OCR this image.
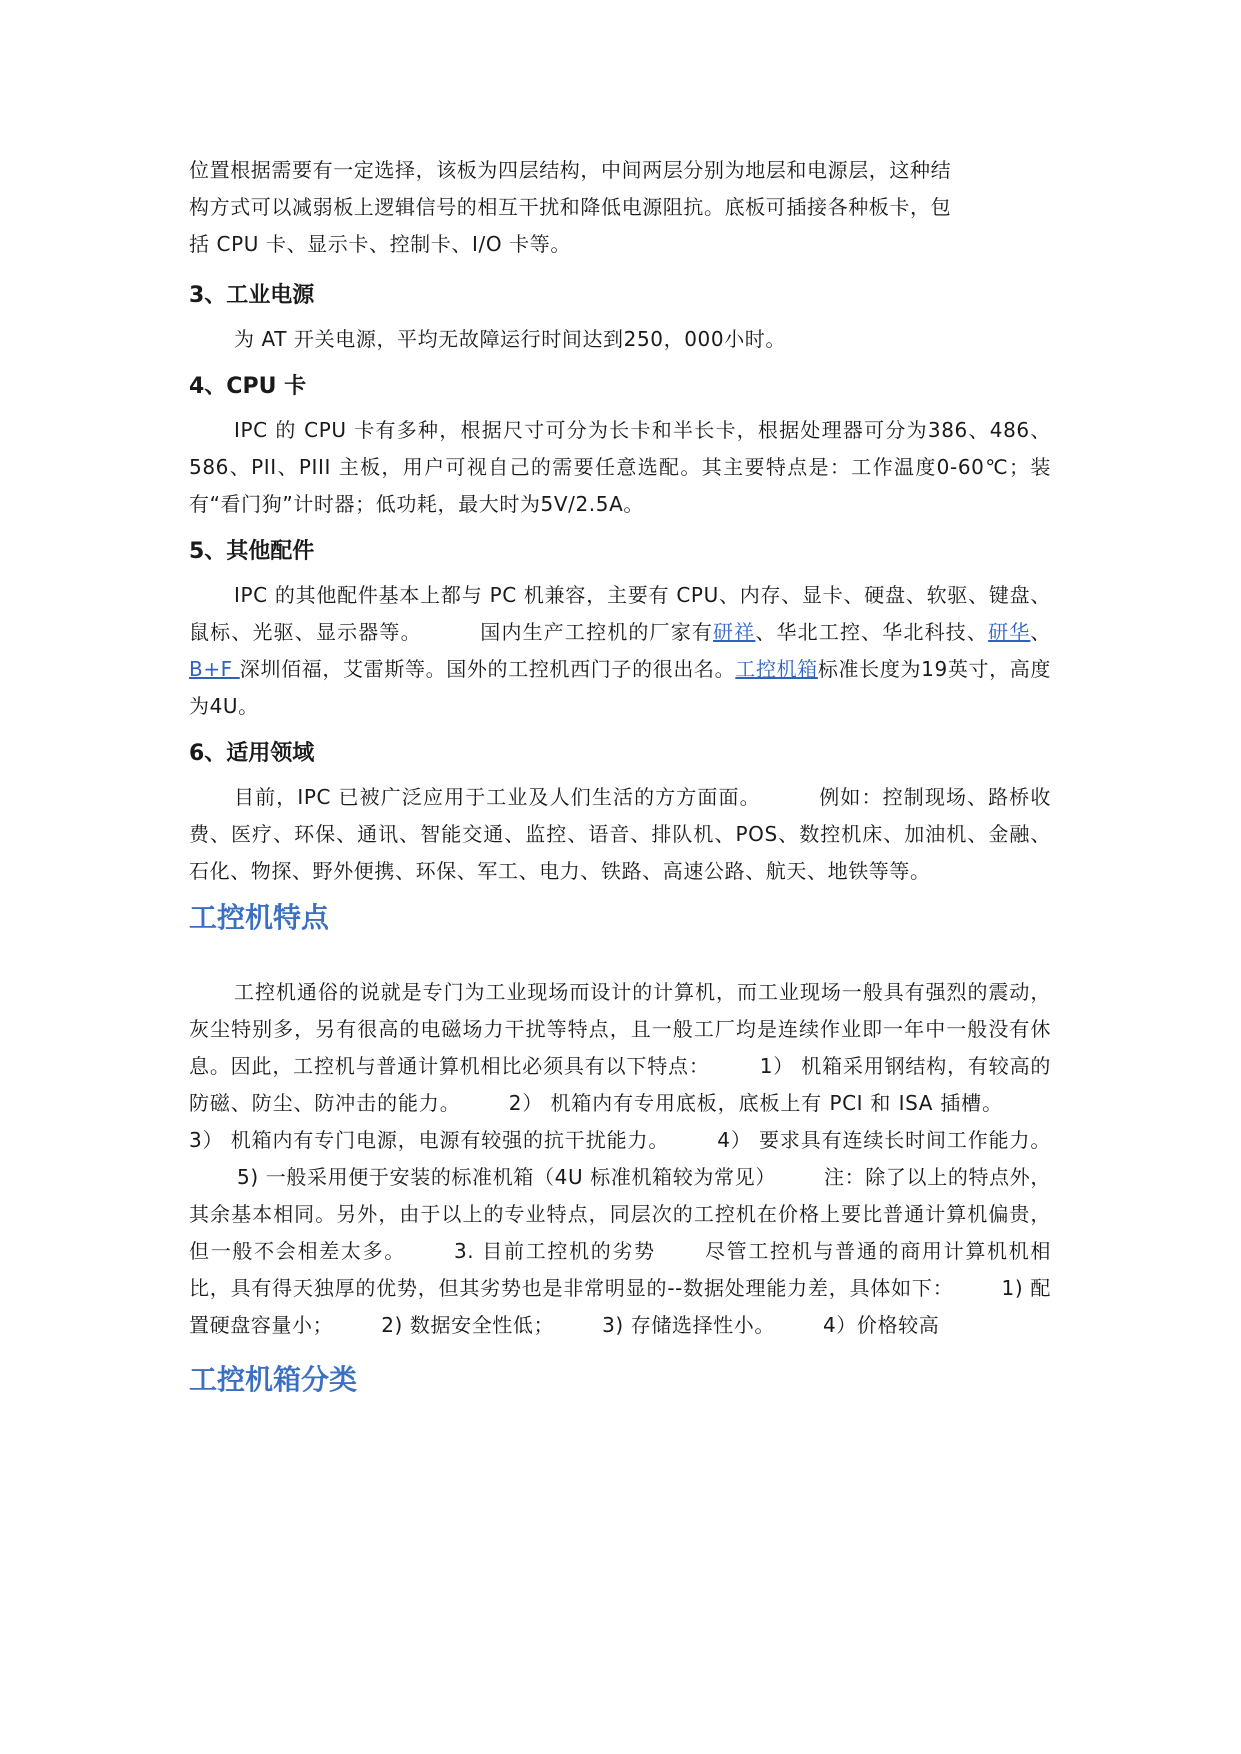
位置根据需要有一定选择，该板为四层结构，中间两层分别为地层和电源层，这种结
构方式可以减弱板上逻辑信号的相互干扰和降低电源阻抗。底板可插接各种板卡，包
括 CPU 卡、显示卡、控制卡、I/O 卡等。

3、工业电源

为 AT 开关电源，平均无故障运行时间达到250，000小时。

4、CPU 卡

IPC 的 CPU 卡有多种，根据尺寸可分为长卡和半长卡，根据处理器可分为386、486、586、PII、PIII 主板，用户可视自己的需要任意选配。其主要特点是：工作温度0-60℃；装有“看门狗”计时器；低功耗，最大时为5V/2.5A。

5、其他配件

IPC 的其他配件基本上都与 PC 机兼容，主要有 CPU、内存、显卡、硬盘、软驱、键盘、鼠标、光驱、显示器等。	国内生产工控机的厂家有研祥、华北工控、华北科技、研华、B+F 深圳佰福，艾雷斯等。国外的工控机西门子的很出名。工控机箱标准长度为19英寸，高度为4U。

6、适用领域

目前，IPC 已被广泛应用于工业及人们生活的方方面面。	例如：控制现场、路桥收费、医疗、环保、通讯、智能交通、监控、语音、排队机、POS、数控机床、加油机、金融、石化、物探、野外便携、环保、军工、电力、铁路、高速公路、航天、地铁等等。

工控机特点

工控机通俗的说就是专门为工业现场而设计的计算机，而工业现场一般具有强烈的震动，灰尘特别多，另有很高的电磁场力干扰等特点，且一般工厂均是连续作业即一年中一般没有休息。因此，工控机与普通计算机相比必须具有以下特点：	1） 机箱采用钢结构，有较高的防磁、防尘、防冲击的能力。 2） 机箱内有专用底板，底板上有 PCI 和 ISA 插槽。3） 机箱内有专门电源，电源有较强的抗干扰能力。 4） 要求具有连续长时间工作能力。5) 一般采用便于安装的标准机箱（4U 标准机箱较为常见） 注：除了以上的特点外，其余基本相同。另外，由于以上的专业特点，同层次的工控机在价格上要比普通计算机偏贵，但一般不会相差太多。 3. 目前工控机的劣势 尽管工控机与普通的商用计算机机相比，具有得天独厚的优势，但其劣势也是非常明显的--数据处理能力差，具体如下： 1) 配置硬盘容量小； 2) 数据安全性低； 3) 存储选择性小。 4）价格较高

工控机箱分类
